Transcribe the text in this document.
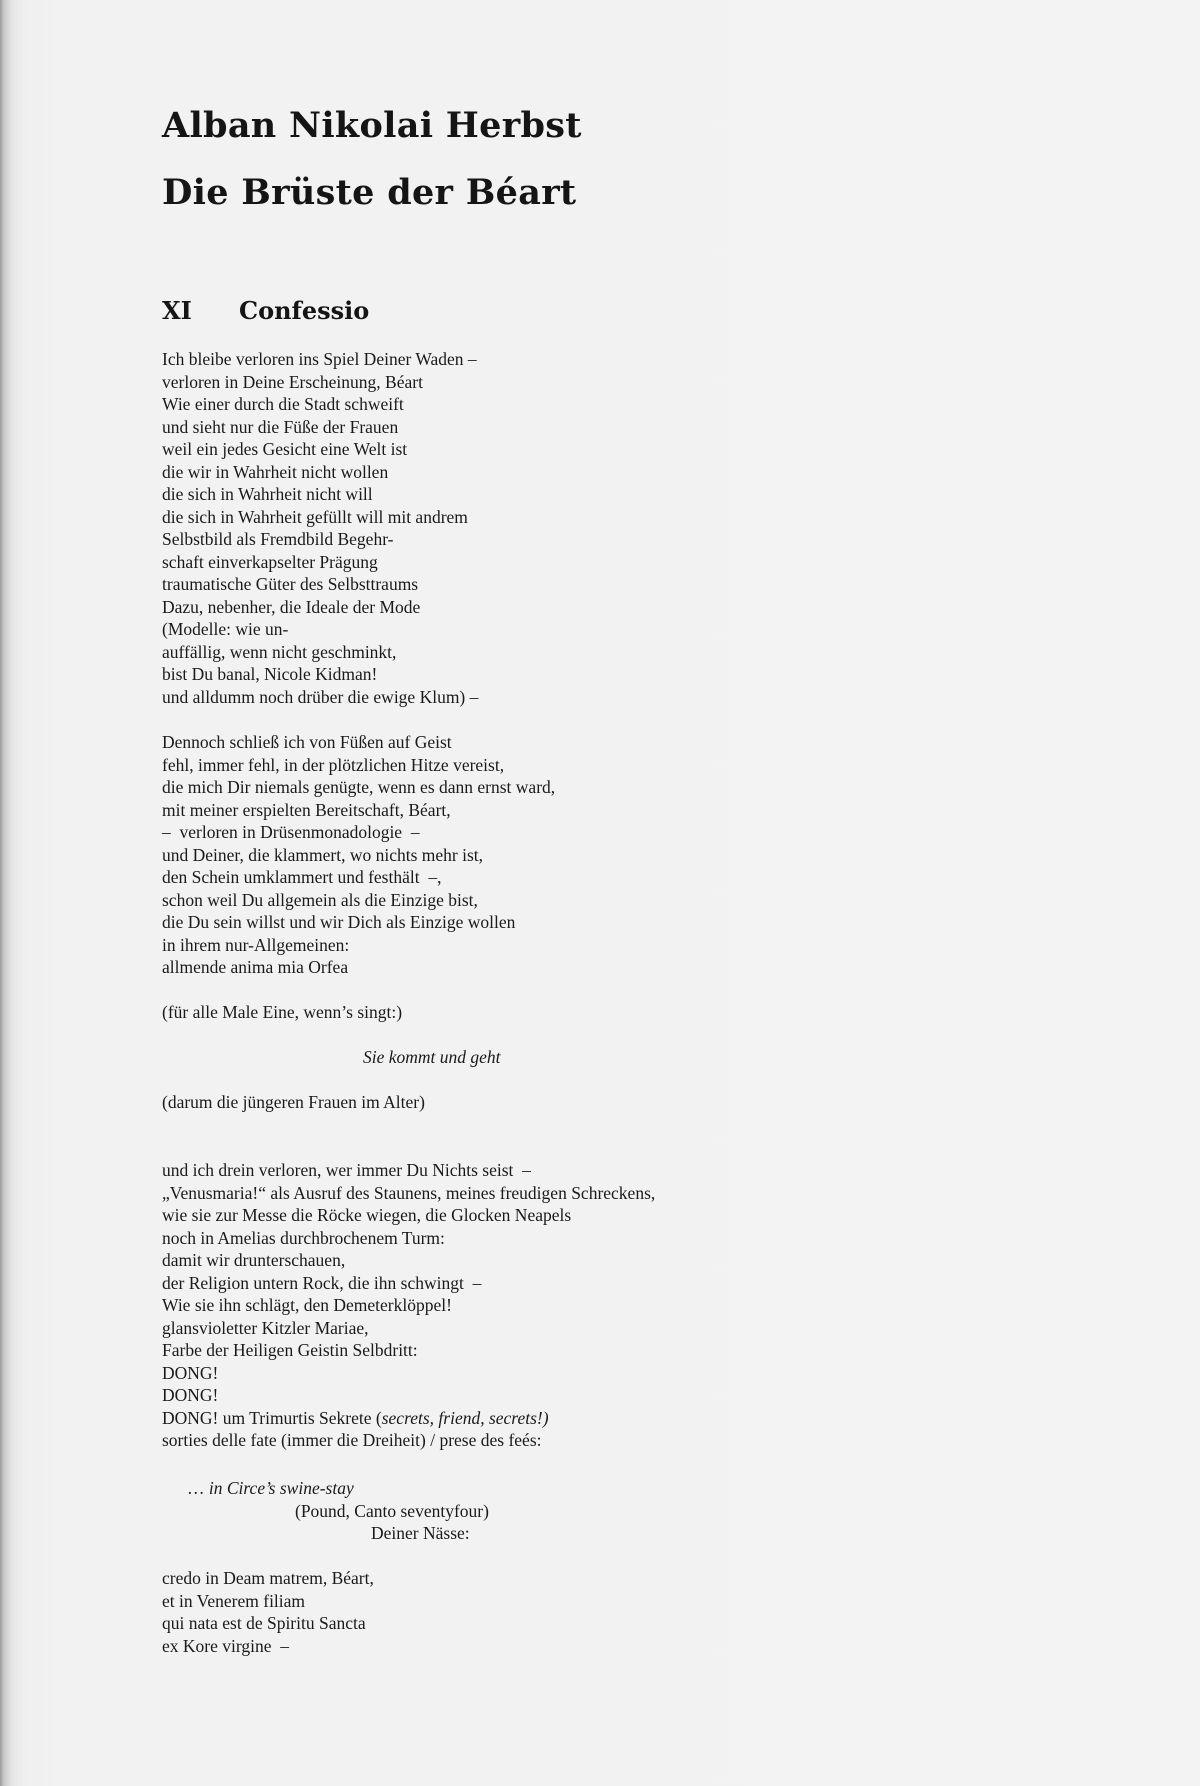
Alban Nikolai Herbst
Die Brüste der Béart
XI Confessio
Ich bleibe verloren ins Spiel Deiner Waden –
verloren in Deine Erscheinung, Béart
Wie einer durch die Stadt schweift
und sieht nur die Füße der Frauen
weil ein jedes Gesicht eine Welt ist
die wir in Wahrheit nicht wollen
die sich in Wahrheit nicht will
die sich in Wahrheit gefüllt will mit andrem
Selbstbild als Fremdbild Begehr-
schaft einverkapselter Prägung
traumatische Güter des Selbsttraums
Dazu, nebenher, die Ideale der Mode
(Modelle: wie un-
auffällig, wenn nicht geschminkt,
bist Du banal, Nicole Kidman!
und alldumm noch drüber die ewige Klum) –
Dennoch schließ ich von Füßen auf Geist
fehl, immer fehl, in der plötzlichen Hitze vereist,
die mich Dir niemals genügte, wenn es dann ernst ward,
mit meiner erspielten Bereitschaft, Béart,
–  verloren in Drüsenmonadologie  –
und Deiner, die klammert, wo nichts mehr ist,
den Schein umklammert und festhält  –,
schon weil Du allgemein als die Einzige bist,
die Du sein willst und wir Dich als Einzige wollen
in ihrem nur-Allgemeinen:
allmende anima mia Orfea
(für alle Male Eine, wenn’s singt:)
Sie kommt und geht
(darum die jüngeren Frauen im Alter)
und ich drein verloren, wer immer Du Nichts seist  –
„Venusmaria!“ als Ausruf des Staunens, meines freudigen Schreckens,
wie sie zur Messe die Röcke wiegen, die Glocken Neapels
noch in Amelias durchbrochenem Turm:
damit wir drunterschauen,
der Religion untern Rock, die ihn schwingt  –
Wie sie ihn schlägt, den Demeterklöppel!
glansvioletter Kitzler Mariae,
Farbe der Heiligen Geistin Selbdritt:
DONG!
DONG!
DONG! um Trimurtis Sekrete (secrets, friend, secrets!)
sorties delle fate (immer die Dreiheit) / prese des feés:
… in Circe’s swine-stay
(Pound, Canto seventyfour)
Deiner Nässe:
credo in Deam matrem, Béart,
et in Venerem filiam
qui nata est de Spiritu Sancta
ex Kore virgine  –
